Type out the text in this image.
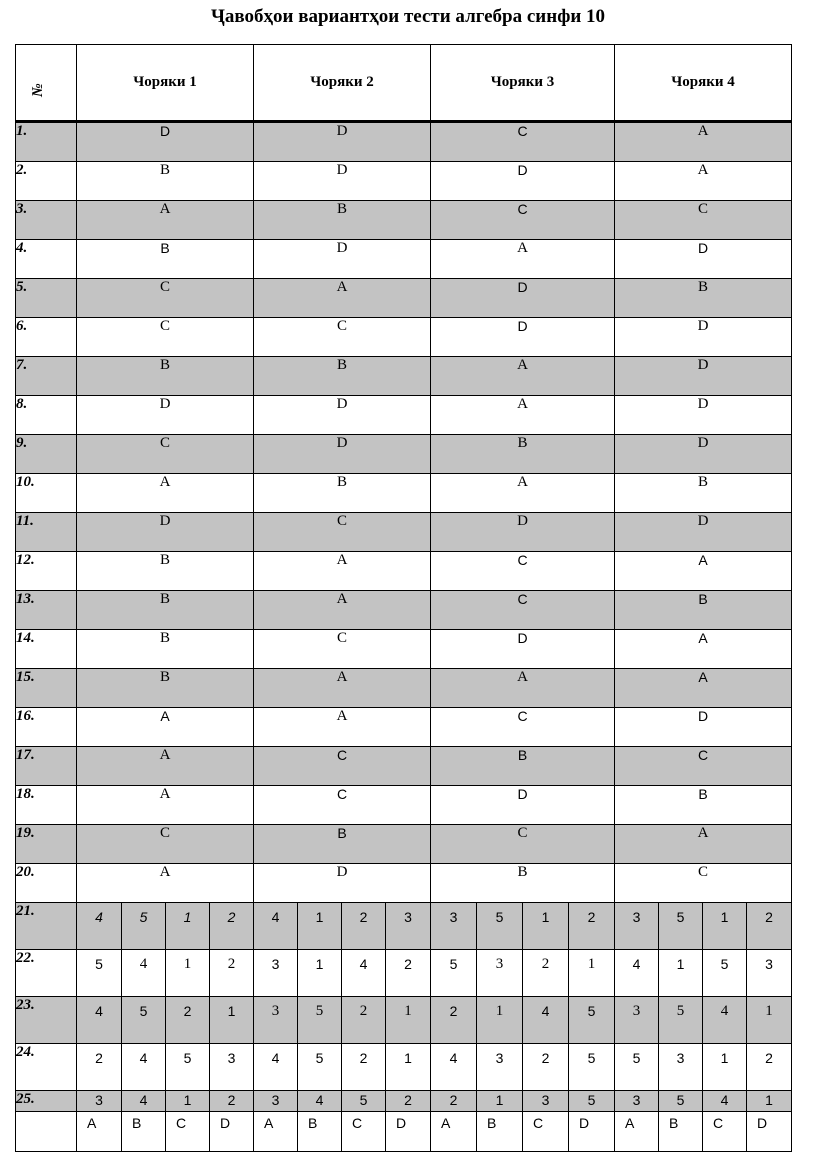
Ҷавобҳои вариантҳои тести алгебра синфи 10
№	Чоряки 1				Чоряки 2				Чоряки 3				Чоряки 4			
1.	D				D				C				A			
2.	B				D				D				A			
3.	A				B				C				C			
4.	B				D				A				D			
5.	C				A				D				B			
6.	C				C				D				D			
7.	B				B				A				D			
8.	D				D				A				D			
9.	C				D				B				D			
10.	A				B				A				B			
11.	D				C				D				D			
12.	B				A				C				A			
13.	B				A				C				B			
14.	B				C				D				A			
15.	B				A				A				A			
16.	A				A				C				D			
17.	A				C				B				C			
18.	A				C				D				B			
19.	C				B				C				A			
20.	A				D				B				C			
21.	4	5	1	2	4	1	2	3	3	5	1	2	3	5	1	2
22.	5	4	1	2	3	1	4	2	5	3	2	1	4	1	5	3
23.	4	5	2	1	3	5	2	1	2	1	4	5	3	5	4	1
24.	2	4	5	3	4	5	2	1	4	3	2	5	5	3	1	2
25.	3	4	1	2	3	4	5	2	2	1	3	5	3	5	4	1
	A	B	C	D	A	B	C	D	A	B	C	D	A	B	C	D
